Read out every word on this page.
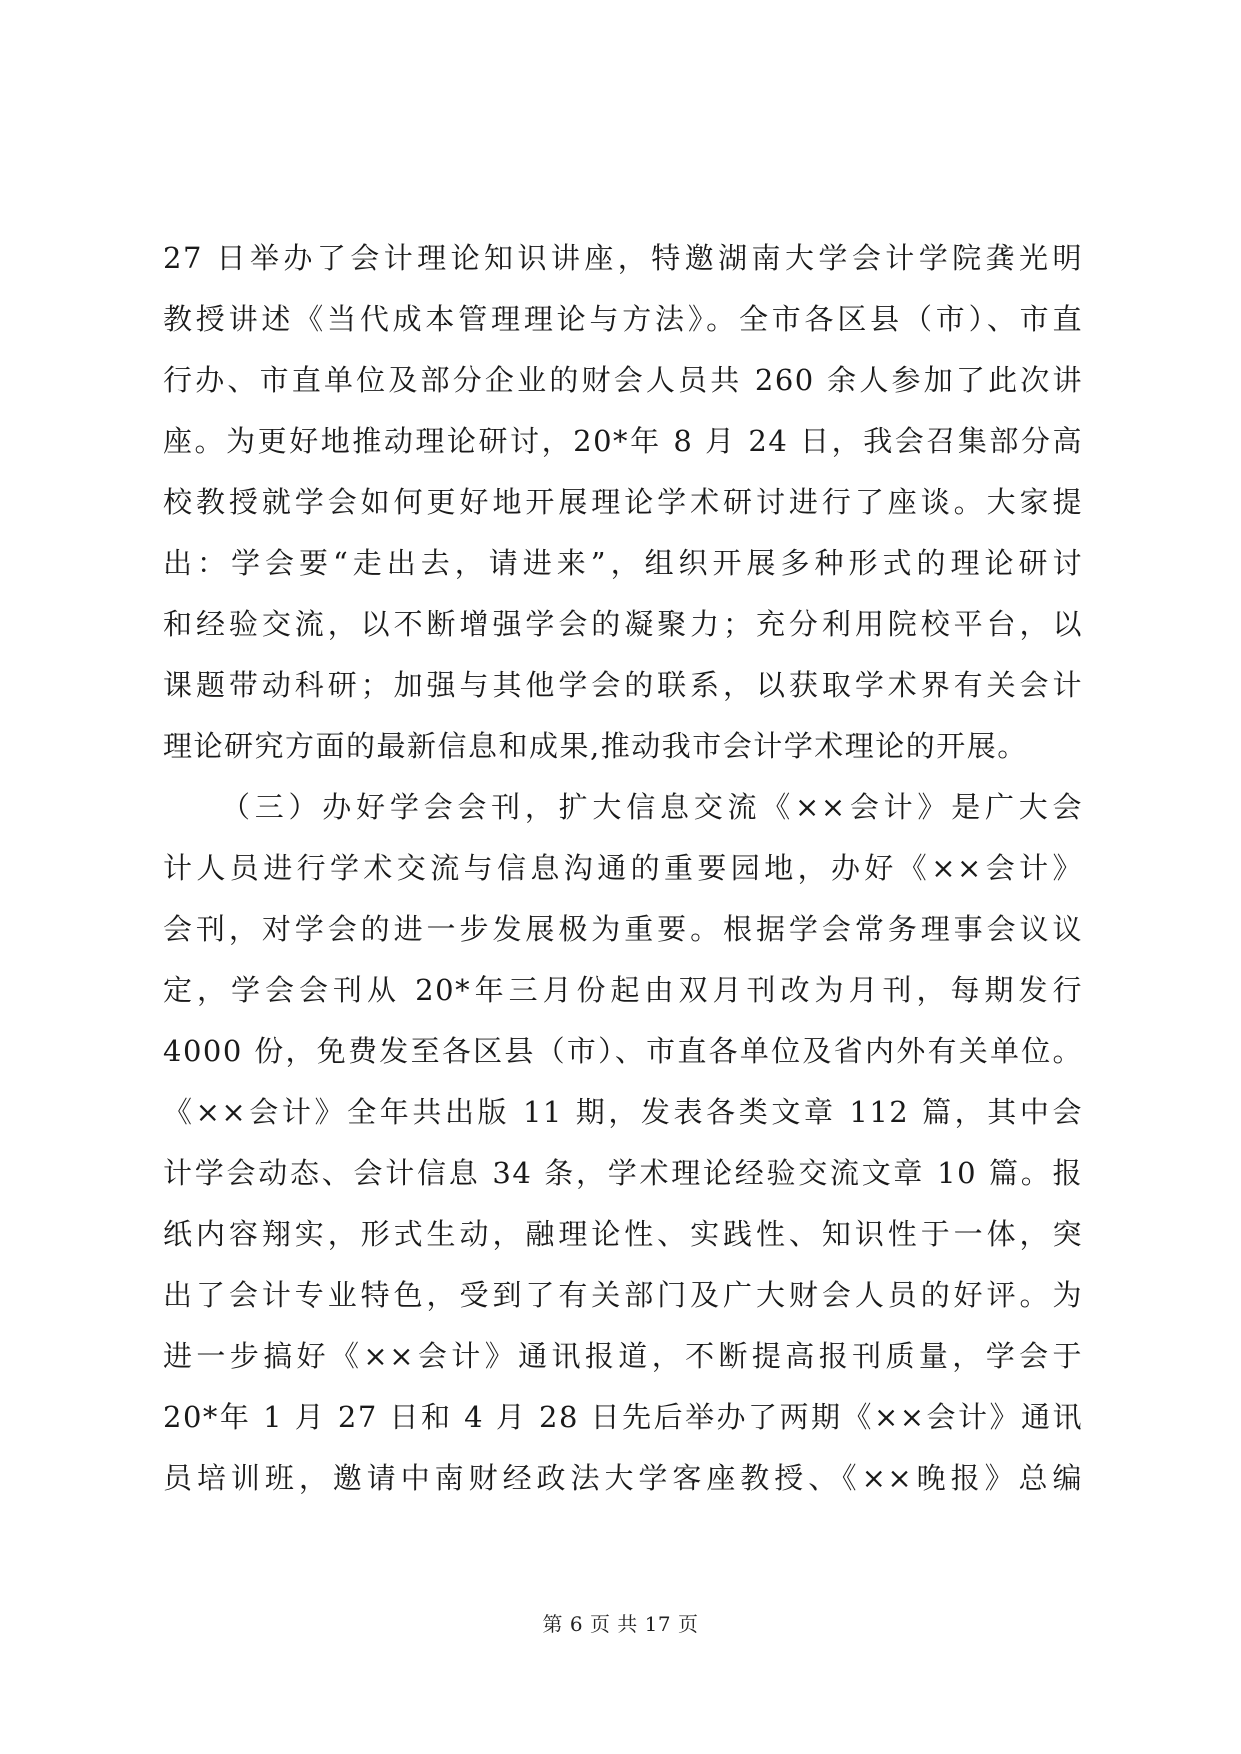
27 日举办了会计理论知识讲座，特邀湖南大学会计学院龚光明
教授讲述《当代成本管理理论与方法》。全市各区县（市）、市直
行办、市直单位及部分企业的财会人员共 260 余人参加了此次讲
座。为更好地推动理论研讨，20*年 8 月 24 日，我会召集部分高
校教授就学会如何更好地开展理论学术研讨进行了座谈。大家提
出：学会要“走出去，请进来”，组织开展多种形式的理论研讨
和经验交流，以不断增强学会的凝聚力；充分利用院校平台，以
课题带动科研；加强与其他学会的联系，以获取学术界有关会计
理论研究方面的最新信息和成果,推动我市会计学术理论的开展。
（三）办好学会会刊，扩大信息交流《××会计》是广大会
计人员进行学术交流与信息沟通的重要园地，办好《××会计》
会刊，对学会的进一步发展极为重要。根据学会常务理事会议议
定，学会会刊从 20*年三月份起由双月刊改为月刊，每期发行
4000 份，免费发至各区县（市）、市直各单位及省内外有关单位。
《××会计》全年共出版 11 期，发表各类文章 112 篇，其中会
计学会动态、会计信息 34 条，学术理论经验交流文章 10 篇。报
纸内容翔实，形式生动，融理论性、实践性、知识性于一体，突
出了会计专业特色，受到了有关部门及广大财会人员的好评。为
进一步搞好《××会计》通讯报道，不断提高报刊质量，学会于
20*年 1 月 27 日和 4 月 28 日先后举办了两期《××会计》通讯
员培训班，邀请中南财经政法大学客座教授、《××晚报》总编
第 6 页 共 17 页
